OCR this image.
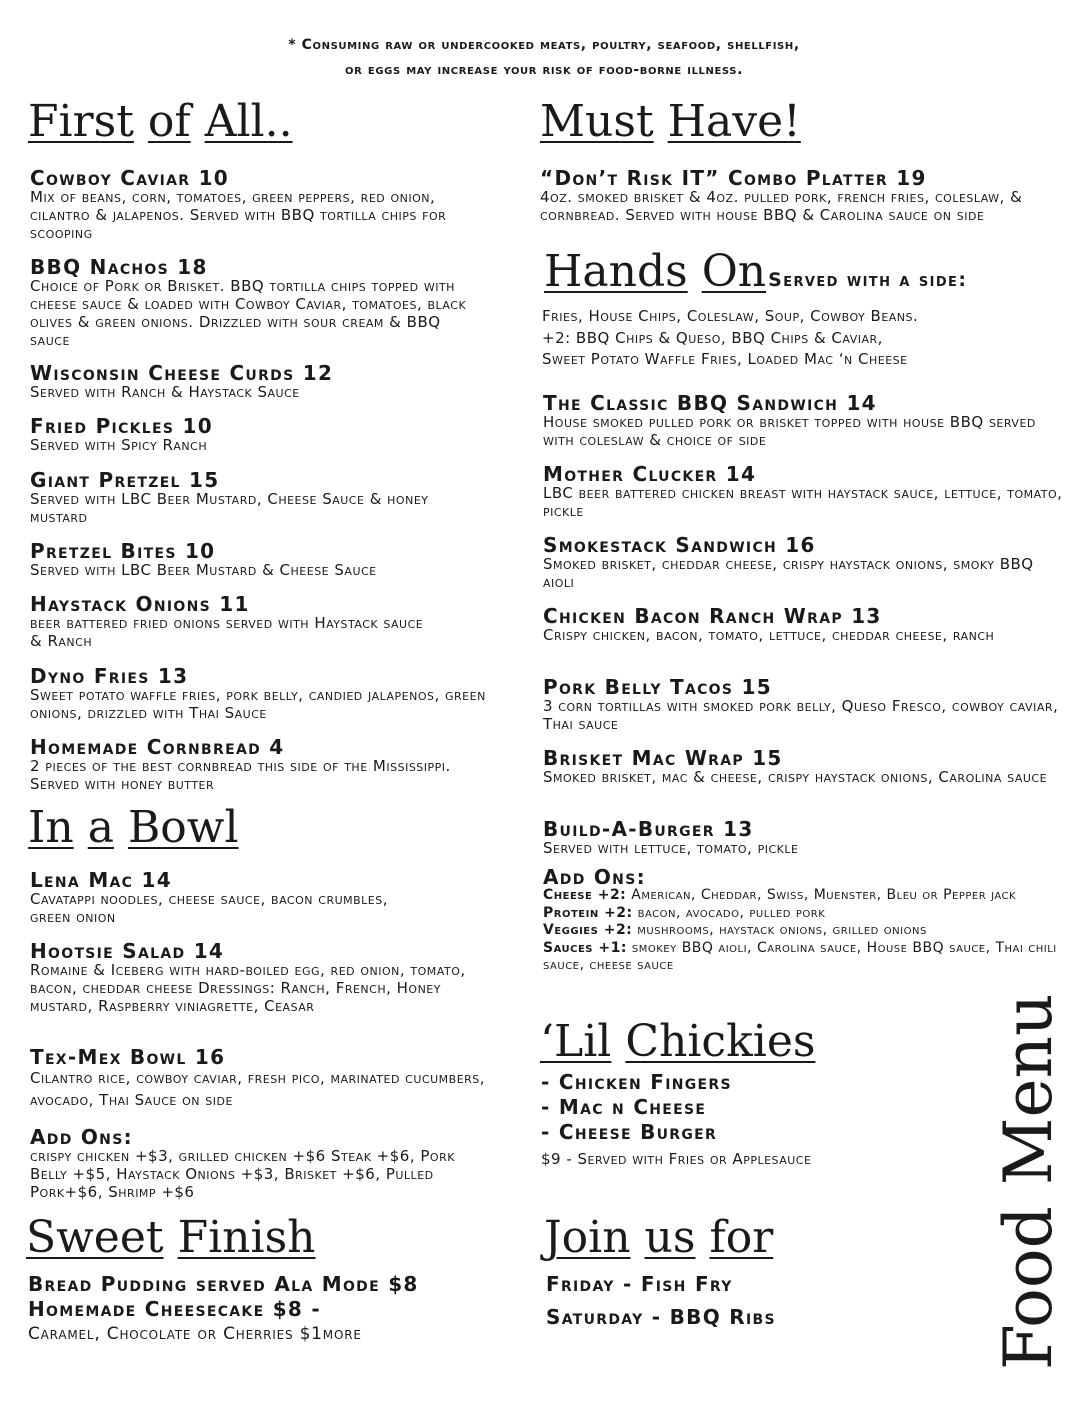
* Consuming raw or undercooked meats, poultry, seafood, shellfish,
or eggs may increase your risk of food-borne illness.
First of All..
Cowboy Caviar 10
Mix of beans, corn, tomatoes, green peppers, red onion, cilantro & jalapenos. Served with BBQ tortilla chips for scooping
BBQ Nachos 18
Choice of Pork or Brisket. BBQ tortilla chips topped with cheese sauce & loaded with Cowboy Caviar, tomatoes, black olives & green onions. Drizzled with sour cream & BBQ sauce
Wisconsin Cheese Curds 12
Served with Ranch & Haystack Sauce
Fried Pickles 10
Served with Spicy Ranch
Giant Pretzel 15
Served with LBC Beer Mustard, Cheese Sauce & honey mustard
Pretzel Bites 10
Served with LBC Beer Mustard & Cheese Sauce
Haystack Onions 11
beer battered fried onions served with Haystack sauce & Ranch
Dyno Fries 13
Sweet potato waffle fries, pork belly, candied jalapenos, green onions, drizzled with Thai Sauce
Homemade Cornbread 4
2 pieces of the best cornbread this side of the Mississippi. Served with honey butter
In a Bowl
Lena Mac 14
Cavatappi noodles, cheese sauce, bacon crumbles, green onion
Hootsie Salad 14
Romaine & Iceberg with hard-boiled egg, red onion, tomato, bacon, cheddar cheese Dressings: Ranch, French, Honey mustard, Raspberry viniagrette, Ceasar
Tex-Mex Bowl 16
Cilantro rice, cowboy caviar, fresh pico, marinated cucumbers, avocado, Thai Sauce on side
Add Ons:
crispy chicken +$3, grilled chicken +$6 Steak +$6, Pork Belly +$5, Haystack Onions +$3, Brisket +$6, Pulled Pork+$6, Shrimp +$6
Sweet Finish
Bread Pudding served Ala Mode $8
Homemade Cheesecake $8 -
Caramel, Chocolate or Cherries $1more
Must Have!
“Don’t Risk IT” Combo Platter 19
4oz. smoked brisket & 4oz. pulled pork, french fries, coleslaw, & cornbread. Served with house BBQ & Carolina sauce on side
Hands On Served with a side:
Fries, House Chips, Coleslaw, Soup, Cowboy Beans.
+2: BBQ Chips & Queso, BBQ Chips & Caviar,
Sweet Potato Waffle Fries, Loaded Mac ‘n Cheese
The Classic BBQ Sandwich 14
House smoked pulled pork or brisket topped with house BBQ served with coleslaw & choice of side
Mother Clucker 14
LBC beer battered chicken breast with haystack sauce, lettuce, tomato, pickle
Smokestack Sandwich 16
Smoked brisket, cheddar cheese, crispy haystack onions, smoky BBQ aioli
Chicken Bacon Ranch Wrap 13
Crispy chicken, bacon, tomato, lettuce, cheddar cheese, ranch
Pork Belly Tacos 15
3 corn tortillas with smoked pork belly, Queso Fresco, cowboy caviar, Thai sauce
Brisket Mac Wrap 15
Smoked brisket, mac & cheese, crispy haystack onions, Carolina sauce
Build-A-Burger 13
Served with lettuce, tomato, pickle
Add Ons:
Cheese +2: American, Cheddar, Swiss, Muenster, Bleu or Pepper jack
Protein +2: bacon, avocado, pulled pork
Veggies +2: mushrooms, haystack onions, grilled onions
Sauces +1: smokey BBQ aioli, Carolina sauce, House BBQ sauce, Thai chili sauce, cheese sauce
‘Lil Chickies
- Chicken Fingers
- Mac n Cheese
- Cheese Burger
$9 - Served with Fries or Applesauce
Join us for
Friday - Fish Fry
Saturday - BBQ Ribs	Food Menu
